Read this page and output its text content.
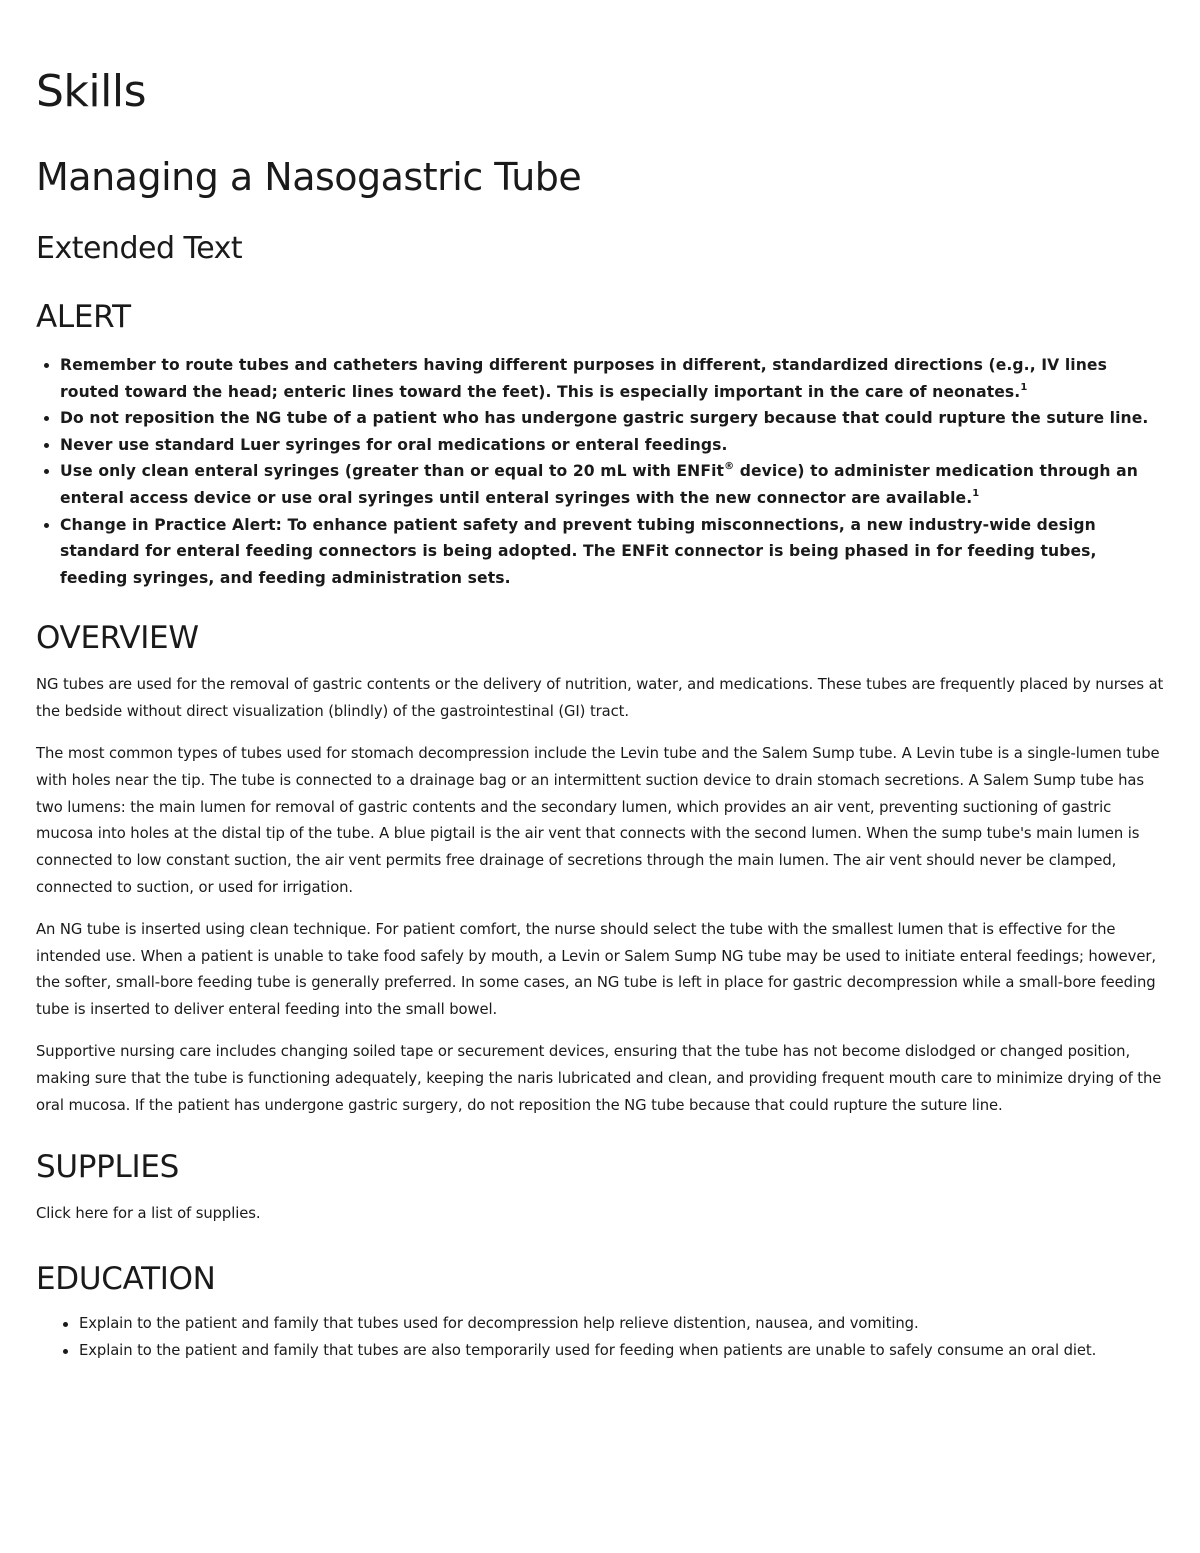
Skills
Managing a Nasogastric Tube
Extended Text
ALERT
Remember to route tubes and catheters having different purposes in different, standardized directions (e.g., IV lines routed toward the head; enteric lines toward the feet). This is especially important in the care of neonates.$^1$
Do not reposition the NG tube of a patient who has undergone gastric surgery because that could rupture the suture line.
Never use standard Luer syringes for oral medications or enteral feedings.
Use only clean enteral syringes (greater than or equal to 20 mL with ENFit® device) to administer medication through an enteral access device or use oral syringes until enteral syringes with the new connector are available.$^1$
Change in Practice Alert: To enhance patient safety and prevent tubing misconnections, a new industry-wide design standard for enteral feeding connectors is being adopted. The ENFit connector is being phased in for feeding tubes, feeding syringes, and feeding administration sets.
OVERVIEW

NG tubes are used for the removal of gastric contents or the delivery of nutrition, water, and medications. These tubes are frequently placed by nurses at the bedside without direct visualization (blindly) of the gastrointestinal (GI) tract.

The most common types of tubes used for stomach decompression include the Levin tube and the Salem Sump tube. A Levin tube is a single-lumen tube with holes near the tip. The tube is connected to a drainage bag or an intermittent suction device to drain stomach secretions. A Salem Sump tube has two lumens: the main lumen for removal of gastric contents and the secondary lumen, which provides an air vent, preventing suctioning of gastric mucosa into holes at the distal tip of the tube. A blue pigtail is the air vent that connects with the second lumen. When the sump tube's main lumen is connected to low constant suction, the air vent permits free drainage of secretions through the main lumen. The air vent should never be clamped, connected to suction, or used for irrigation.

An NG tube is inserted using clean technique. For patient comfort, the nurse should select the tube with the smallest lumen that is effective for the intended use. When a patient is unable to take food safely by mouth, a Levin or Salem Sump NG tube may be used to initiate enteral feedings; however, the softer, small-bore feeding tube is generally preferred. In some cases, an NG tube is left in place for gastric decompression while a small-bore feeding tube is inserted to deliver enteral feeding into the small bowel.

Supportive nursing care includes changing soiled tape or securement devices, ensuring that the tube has not become dislodged or changed position, making sure that the tube is functioning adequately, keeping the naris lubricated and clean, and providing frequent mouth care to minimize drying of the oral mucosa. If the patient has undergone gastric surgery, do not reposition the NG tube because that could rupture the suture line.

SUPPLIES

Click here for a list of supplies.

EDUCATION
Explain to the patient and family that tubes used for decompression help relieve distention, nausea, and vomiting.
Explain to the patient and family that tubes are also temporarily used for feeding when patients are unable to safely consume an oral diet.
